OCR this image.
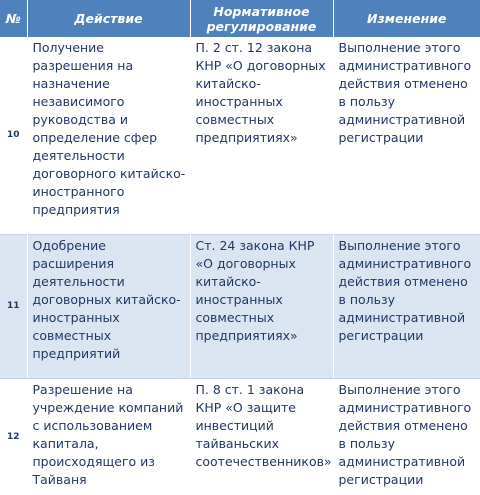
№	Действие	Нормативное регулирование	Изменение
10	Получение разрешения на назначение независимого руководства и определение сфер деятельности договорного китайско-иностранного предприятия	П. 2 ст. 12 закона КНР «О договорных китайско-иностранных совместных предприятиях»	Выполнение этого административного действия отменено в пользу административной регистрации
11	Одобрение расширения деятельности договорных китайско-иностранных совместных предприятий	Ст. 24 закона КНР «О договорных китайско-иностранных совместных предприятиях»	Выполнение этого административного действия отменено в пользу административной регистрации
12	Разрешение на учреждение компаний с использованием капитала, происходящего из Тайваня	П. 8 ст. 1 закона КНР «О защите инвестиций тайваньских соотечественников»	Выполнение этого административного действия отменено в пользу административной регистрации
